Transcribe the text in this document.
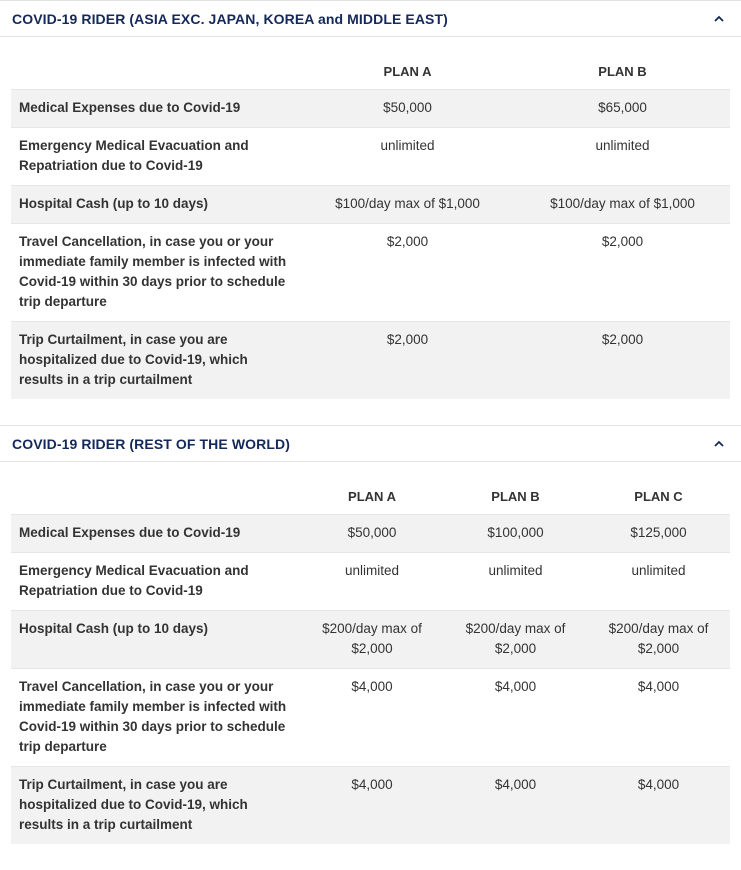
COVID-19 RIDER (ASIA EXC. JAPAN, KOREA and MIDDLE EAST)
	PLAN A	PLAN B
Medical Expenses due to Covid-19	$50,000	$65,000
Emergency Medical Evacuation and Repatriation due to Covid-19	unlimited	unlimited
Hospital Cash (up to 10 days)	$100/day max of $1,000	$100/day max of $1,000
Travel Cancellation, in case you or your immediate family member is infected with Covid-19 within 30 days prior to schedule trip departure	$2,000	$2,000
Trip Curtailment, in case you are hospitalized due to Covid-19, which results in a trip curtailment	$2,000	$2,000
COVID-19 RIDER (REST OF THE WORLD)
	PLAN A	PLAN B	PLAN C
Medical Expenses due to Covid-19	$50,000	$100,000	$125,000
Emergency Medical Evacuation and Repatriation due to Covid-19	unlimited	unlimited	unlimited
Hospital Cash (up to 10 days)	$200/day max of $2,000	$200/day max of $2,000	$200/day max of $2,000
Travel Cancellation, in case you or your immediate family member is infected with Covid-19 within 30 days prior to schedule trip departure	$4,000	$4,000	$4,000
Trip Curtailment, in case you are hospitalized due to Covid-19, which results in a trip curtailment	$4,000	$4,000	$4,000
